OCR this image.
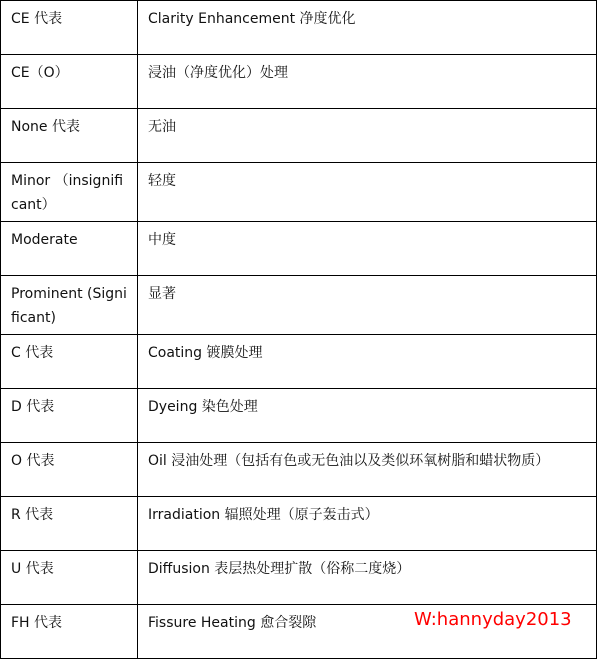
CE 代表	Clarity Enhancement 净度优化
CE（O）	浸油（净度优化）处理
None 代表	无油
Minor （insignificant）	轻度
Moderate	中度
Prominent (Significant)	显著
C 代表	Coating 镀膜处理
D 代表	Dyeing 染色处理
O 代表	Oil 浸油处理（包括有色或无色油以及类似环氧树脂和蜡状物质）
R 代表	Irradiation 辐照处理（原子轰击式）
U 代表	Diffusion 表层热处理扩散（俗称二度烧）
FH 代表	Fissure Heating 愈合裂隙	W:hannyday2013
